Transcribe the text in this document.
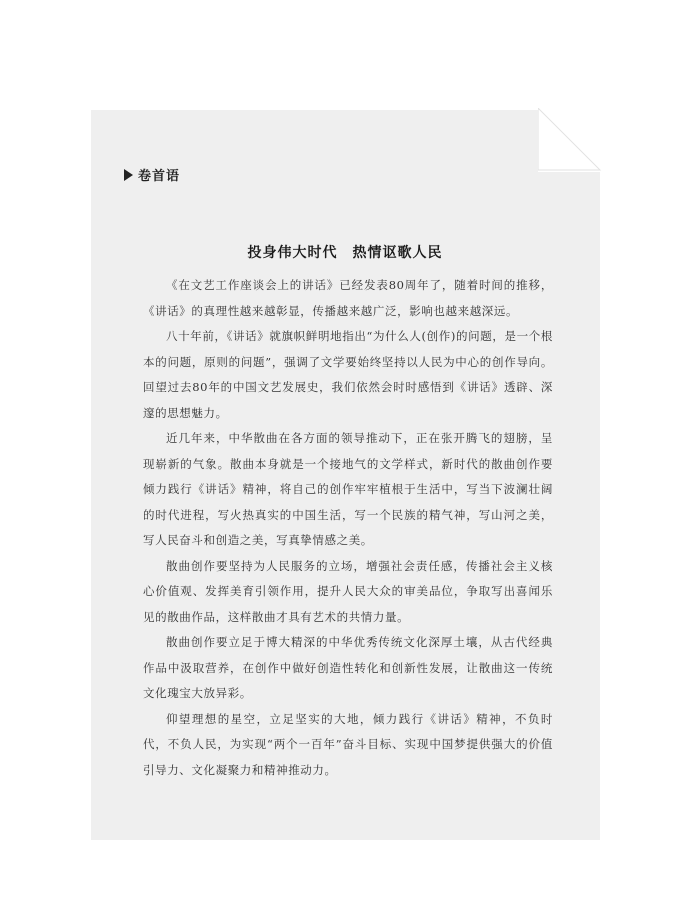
卷首语
投身伟大时代　热情讴歌人民

《在文艺工作座谈会上的讲话》已经发表80周年了，随着时间的推移，《讲话》的真理性越来越彰显，传播越来越广泛，影响也越来越深远。

八十年前，《讲话》就旗帜鲜明地指出“为什么人(创作)的问题，是一个根本的问题，原则的问题”，强调了文学要始终坚持以人民为中心的创作导向。回望过去80年的中国文艺发展史，我们依然会时时感悟到《讲话》透辟、深邃的思想魅力。

近几年来，中华散曲在各方面的领导推动下，正在张开腾飞的翅膀，呈现崭新的气象。散曲本身就是一个接地气的文学样式，新时代的散曲创作要倾力践行《讲话》精神，将自己的创作牢牢植根于生活中，写当下波澜壮阔的时代进程，写火热真实的中国生活，写一个民族的精气神，写山河之美，写人民奋斗和创造之美，写真挚情感之美。

散曲创作要坚持为人民服务的立场，增强社会责任感，传播社会主义核心价值观、发挥美育引领作用，提升人民大众的审美品位，争取写出喜闻乐见的散曲作品，这样散曲才具有艺术的共情力量。

散曲创作要立足于博大精深的中华优秀传统文化深厚土壤，从古代经典作品中汲取营养，在创作中做好创造性转化和创新性发展，让散曲这一传统文化瑰宝大放异彩。

仰望理想的星空，立足坚实的大地，倾力践行《讲话》精神，不负时代，不负人民，为实现“两个一百年”奋斗目标、实现中国梦提供强大的价值引导力、文化凝聚力和精神推动力。
